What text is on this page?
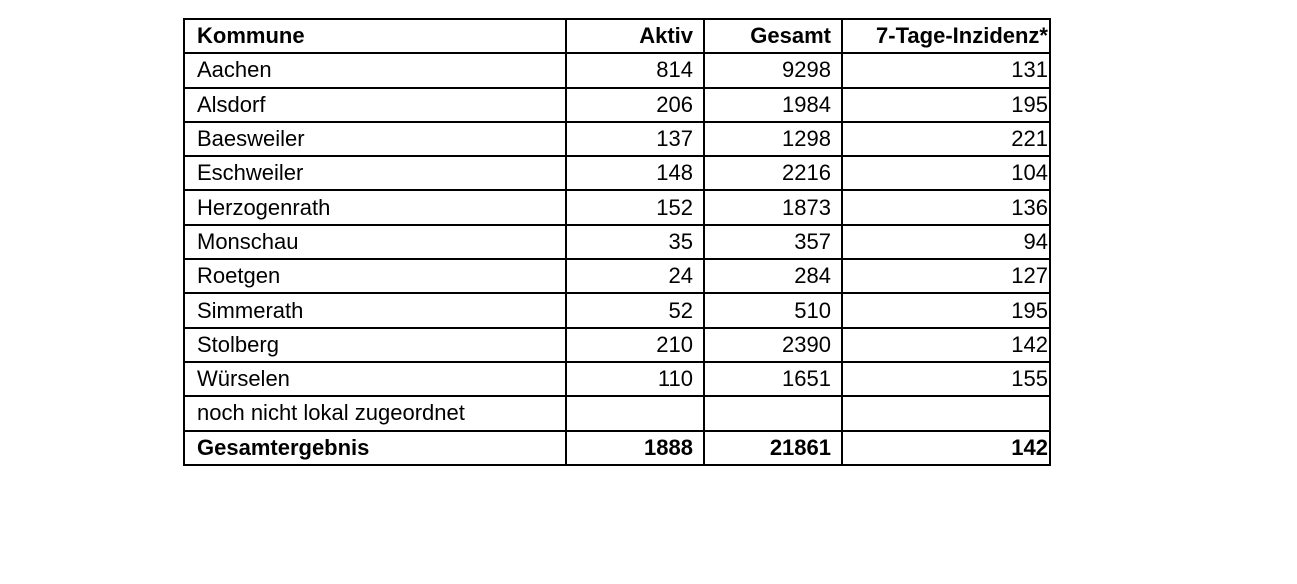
Kommune	Aktiv	Gesamt	7-Tage-Inzidenz*
Aachen	814	9298	131
Alsdorf	206	1984	195
Baesweiler	137	1298	221
Eschweiler	148	2216	104
Herzogenrath	152	1873	136
Monschau	35	357	94
Roetgen	24	284	127
Simmerath	52	510	195
Stolberg	210	2390	142
Würselen	110	1651	155
noch nicht lokal zugeordnet			
Gesamtergebnis	1888	21861	142
